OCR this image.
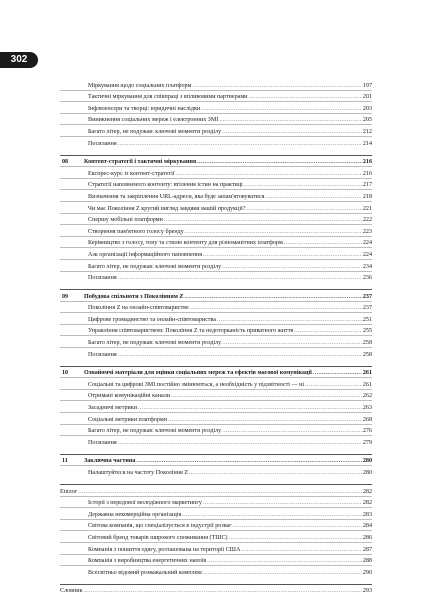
302
Міркування щодо соціальних платформ .....	197
Тактичні міркування для співпраці з впливовими партнерами .....	201
Інфлюенсери та творці: юридичні наслідки .....	203
Виникнення соціальних мереж і електронних ЗМІ .....	205
Багато літер, не подужав: ключові моменти розділу .....	212
Посилання .....	214
08	Контент-стратегії і тактичні міркування .....	216
Експрес-курс із контент-стратегії .....	216
Стратегії наповненого контенту: втілення істин на практиці .....	217
Визначення та закріплення URL-адреси, яка буде запам'ятовуватися .....	218
Чи має Покоління Z кругий вигляд завдяки вашій продукції? .....	221
Спершу мобільні платформи .....	222
Створення пам'ятного голосу бренду .....	223
Керівництво з голосу, тону та стилю контенту для різноманітних платформ .....	224
Азк організації інформаційного наповнення .....	224
Багато літер, не подужав: ключові моменти розділу .....	234
Посилання .....	236
09	Побудова спільноти з Поколінням Z .....	237
Покоління Z на онлайн-співтоваристве .....	237
Цифрове громадянство та онлайн-співтовариства .....	251
Управління співтовариством: Покоління Z та недоторканість приватного життя .....	255
Багато літер, не подужав: ключові моменти розділу .....	258
Посилання .....	258
10	Ознайомчі матеріали для оцінки соціальних мереж та ефектів масової комунікації .....	261
Соціальні та цифрові ЗМІ постійно змінюються, а необхідність у підзвітності — ні .....	261
Отримані комунікаційні канали .....	262
Засадничі метрики .....	263
Соціальні метрики платформи .....	268
Багато літер, не подужав: ключові моменти розділу .....	276
Посилання .....	279
11	Заключна частина .....	280
Налаштуйтеся на частоту Покоління Z .....	280
Епілог .....	282
Історії з передової молодіжного маркетингу .....	282
Державна некомерційна організація .....	283
Світова компанія, що спеціалізується в індустрії розваг .....	284
Світовий бренд товарів широкого споживання (ТШС) .....	286
Компанія з пошиття одягу, розташована на території США .....	287
Компанія з виробництва енергетичних напоїв .....	288
Всесвітньо відомий розважальний комплекс .....	290
Словник .....	293
